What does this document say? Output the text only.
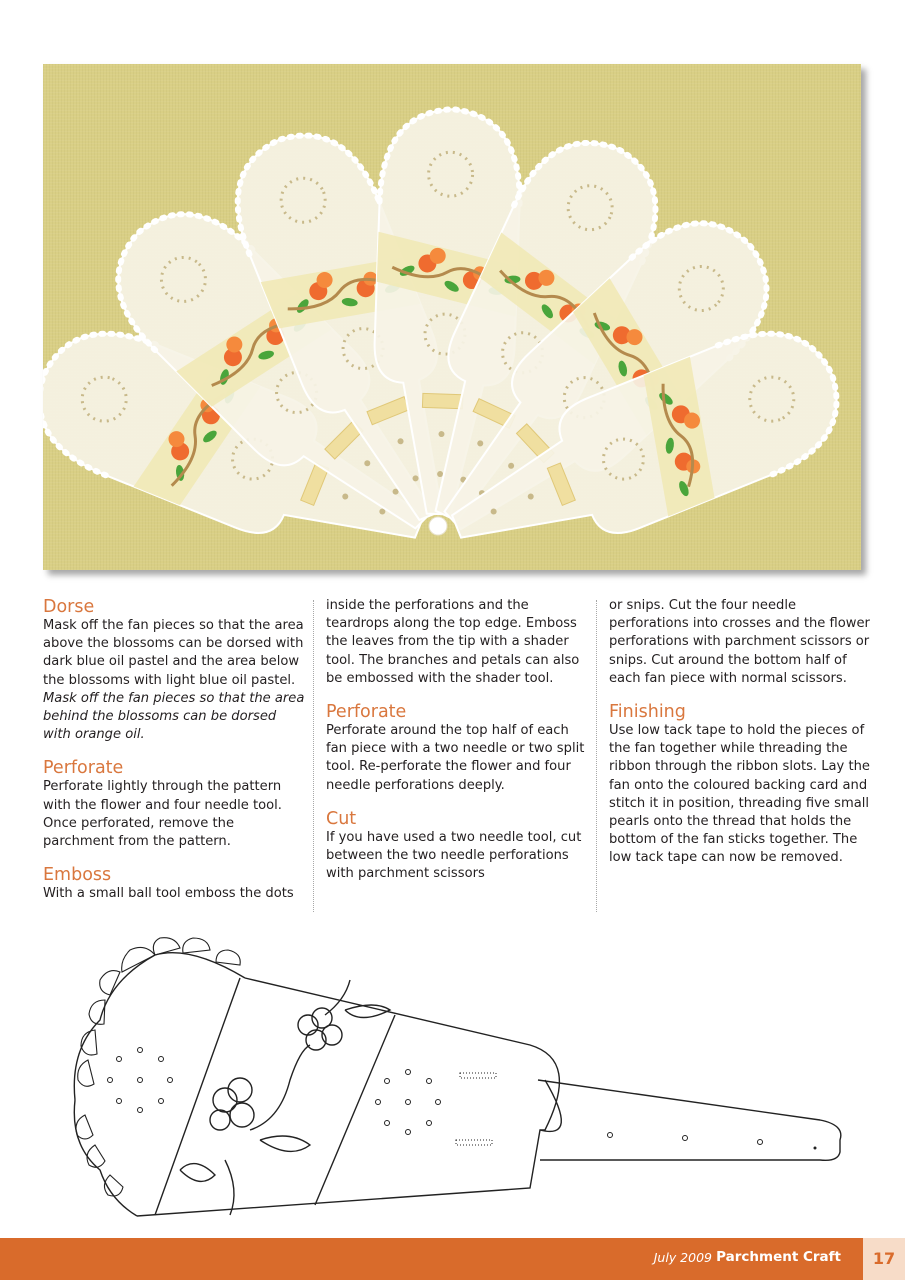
Dorse

Mask off the fan pieces so that the area above the blossoms can be dorsed with dark blue oil pastel and the area below the blossoms with light blue oil pastel.

Mask off the fan pieces so that the area behind the blossoms can be dorsed with orange oil.

Perforate

Perforate lightly through the pattern with the flower and four needle tool. Once perforated, remove the parchment from the pattern.

Emboss

With a small ball tool emboss the dots

inside the perforations and the teardrops along the top edge. Emboss the leaves from the tip with a shader tool. The branches and petals can also be embossed with the shader tool.

Perforate

Perforate around the top half of each fan piece with a two needle or two split tool. Re-perforate the flower and four needle perforations deeply.

Cut

If you have used a two needle tool, cut between the two needle perforations with parchment scissors

or snips. Cut the four needle perforations into crosses and the flower perforations with parchment scissors or snips. Cut around the bottom half of each fan piece with normal scissors.

Finishing

Use low tack tape to hold the pieces of the fan together while threading the ribbon through the ribbon slots. Lay the fan onto the coloured backing card and stitch it in position, threading five small pearls onto the thread that holds the bottom of the fan sticks together. The low tack tape can now be removed.

July 2009 Parchment Craft	17
